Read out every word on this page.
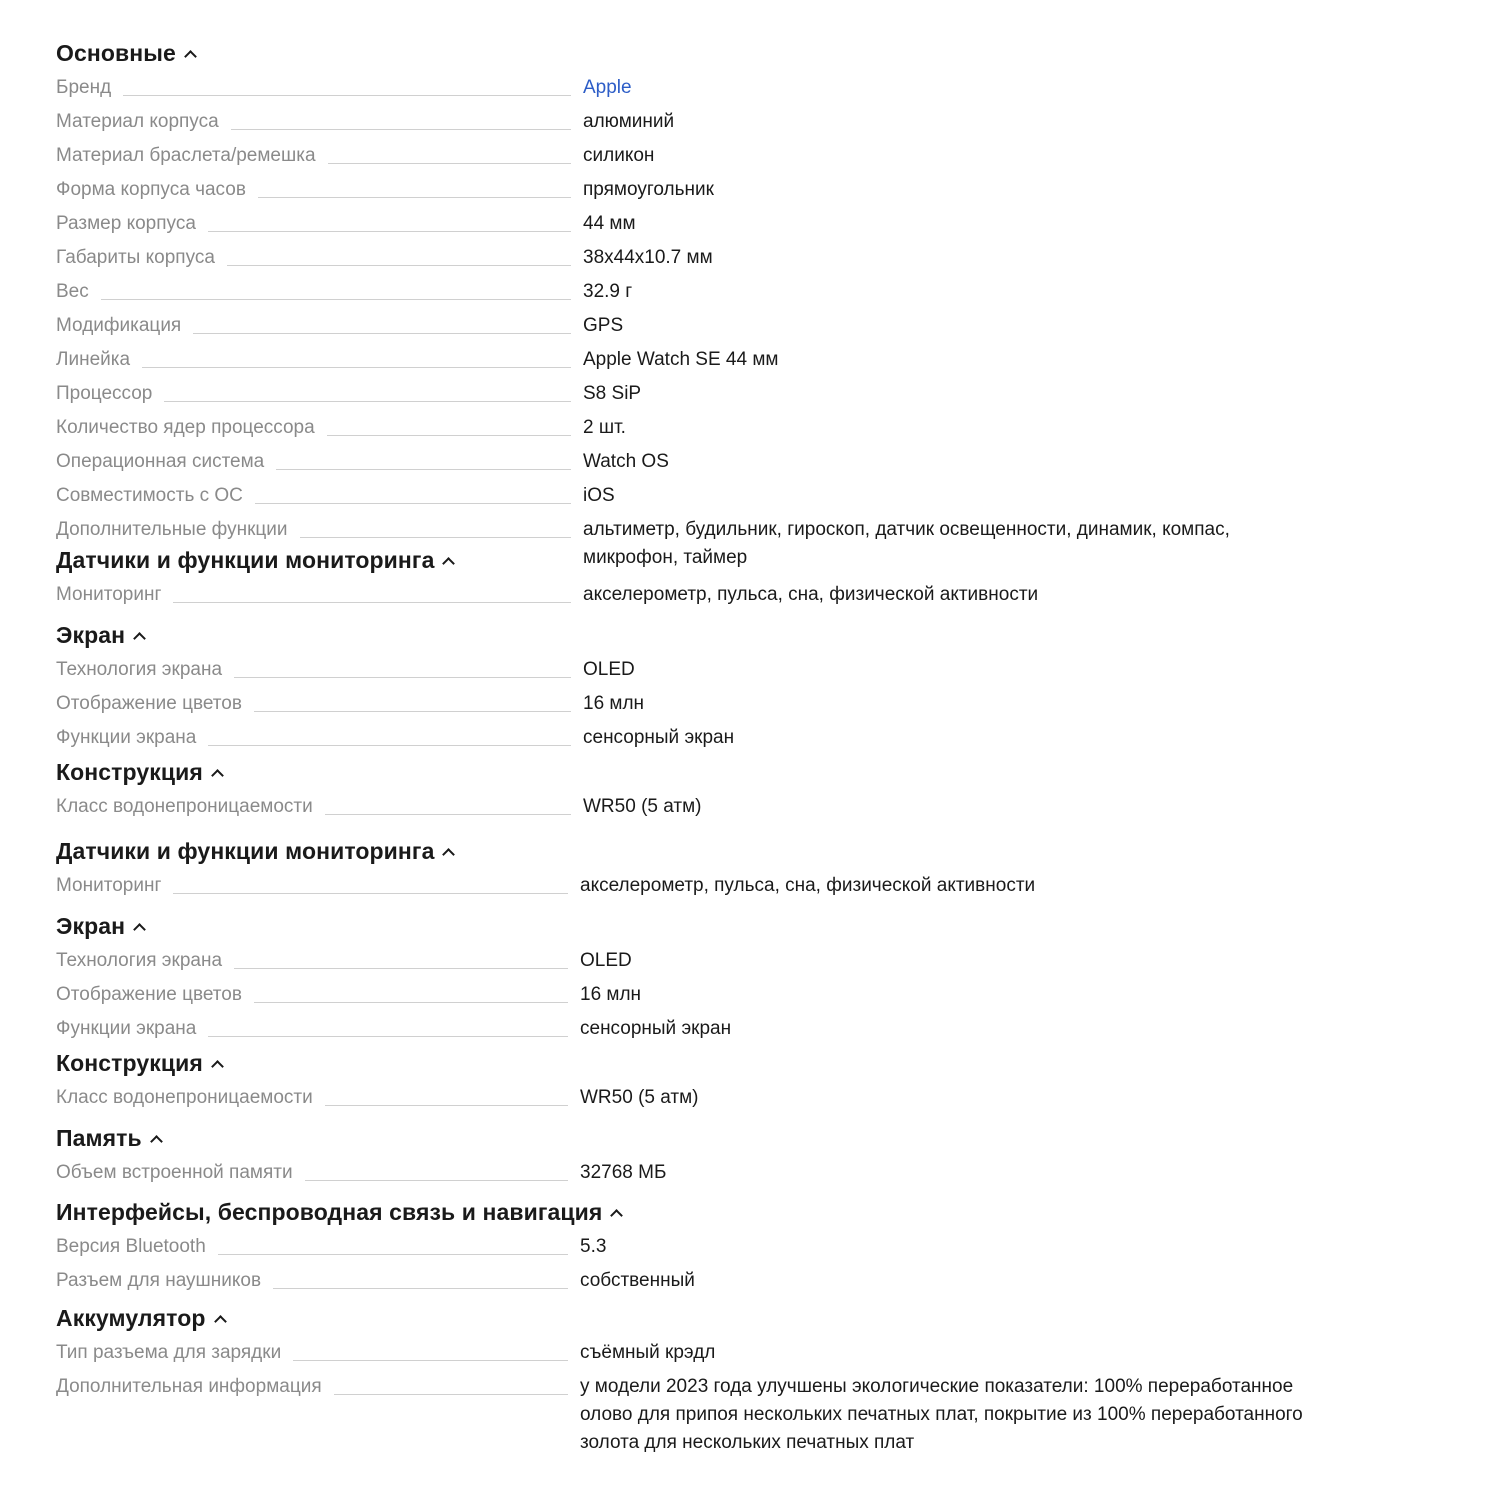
Основные
Бренд	Apple
Материал корпуса	алюминий
Материал браслета/ремешка	силикон
Форма корпуса часов	прямоугольник
Размер корпуса	44 мм
Габариты корпуса	38x44x10.7 мм
Вес	32.9 г
Модификация	GPS
Линейка	Apple Watch SE 44 мм
Процессор	S8 SiP
Количество ядер процессора	2 шт.
Операционная система	Watch OS
Совместимость с ОС	iOS
Дополнительные функции	альтиметр, будильник, гироскоп, датчик освещенности, динамик, компас, микрофон, таймер
Датчики и функции мониторинга
Мониторинг	акселерометр, пульса, сна, физической активности
Экран
Технология экрана	OLED
Отображение цветов	16 млн
Функции экрана	сенсорный экран
Конструкция
Класс водонепроницаемости	WR50 (5 атм)
Датчики и функции мониторинга
Мониторинг	акселерометр, пульса, сна, физической активности
Экран
Технология экрана	OLED
Отображение цветов	16 млн
Функции экрана	сенсорный экран
Конструкция
Класс водонепроницаемости	WR50 (5 атм)
Память
Объем встроенной памяти	32768 МБ
Интерфейсы, беспроводная связь и навигация
Версия Bluetooth	5.3
Разъем для наушников	собственный
Аккумулятор
Тип разъема для зарядки	съёмный крэдл
Дополнительная информация	у модели 2023 года улучшены экологические показатели: 100% переработанное олово для припоя нескольких печатных плат, покрытие из 100% переработанного золота для нескольких печатных плат
